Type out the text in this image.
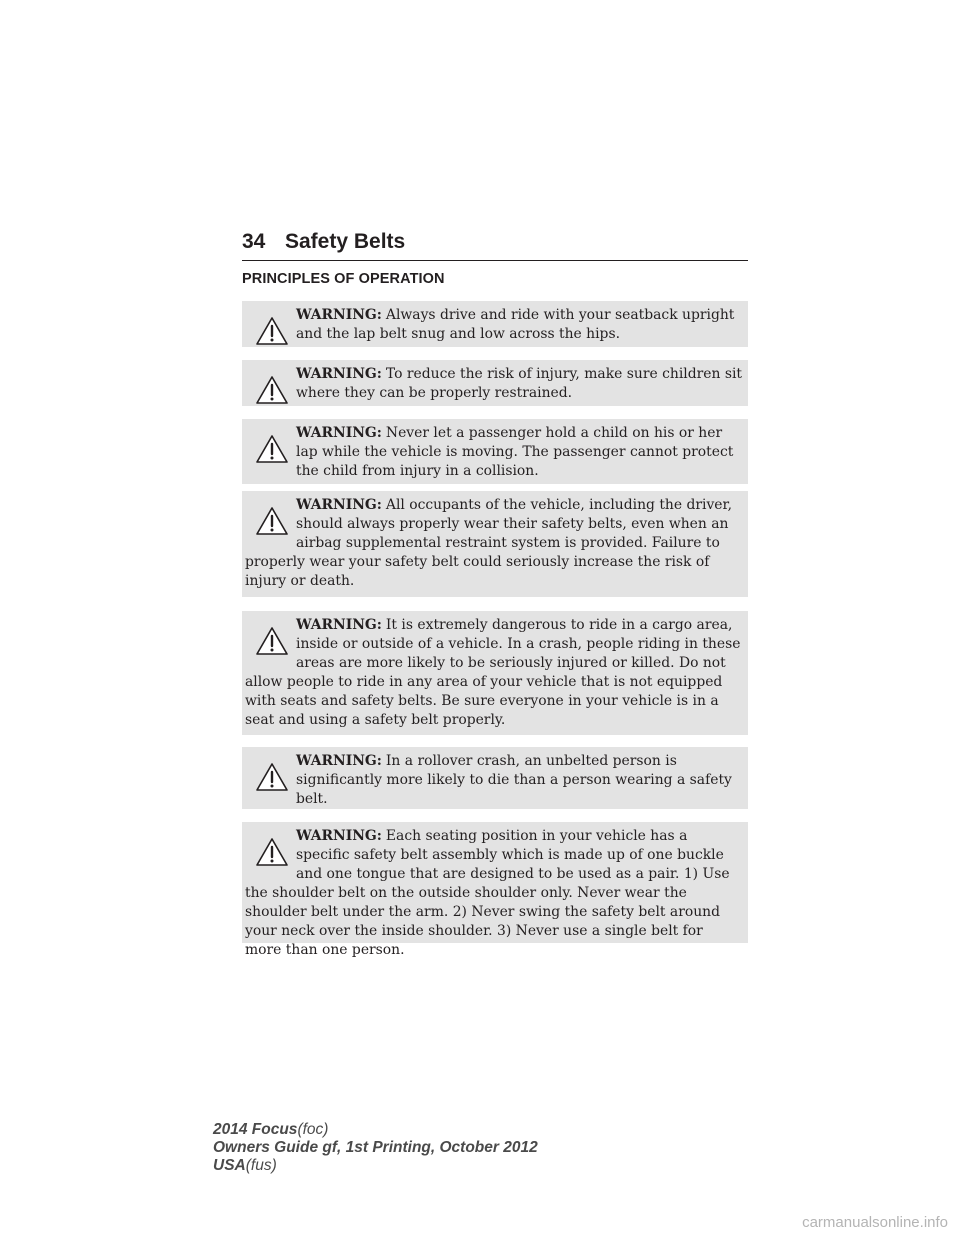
34 Safety Belts
PRINCIPLES OF OPERATION
WARNING: Always drive and ride with your seatback upright and the lap belt snug and low across the hips.
WARNING: To reduce the risk of injury, make sure children sit where they can be properly restrained.
WARNING: Never let a passenger hold a child on his or her lap while the vehicle is moving. The passenger cannot protect the child from injury in a collision.
WARNING: All occupants of the vehicle, including the driver, should always properly wear their safety belts, even when an airbag supplemental restraint system is provided. Failure to properly wear your safety belt could seriously increase the risk of injury or death.
WARNING: It is extremely dangerous to ride in a cargo area, inside or outside of a vehicle. In a crash, people riding in these areas are more likely to be seriously injured or killed. Do not allow people to ride in any area of your vehicle that is not equipped with seats and safety belts. Be sure everyone in your vehicle is in a seat and using a safety belt properly.
WARNING: In a rollover crash, an unbelted person is significantly more likely to die than a person wearing a safety belt.
WARNING: Each seating position in your vehicle has a specific safety belt assembly which is made up of one buckle and one tongue that are designed to be used as a pair. 1) Use the shoulder belt on the outside shoulder only. Never wear the shoulder belt under the arm. 2) Never swing the safety belt around your neck over the inside shoulder. 3) Never use a single belt for more than one person.
2014 Focus(foc)
Owners Guide gf, 1st Printing, October 2012
USA(fus)
carmanualsonline.info
